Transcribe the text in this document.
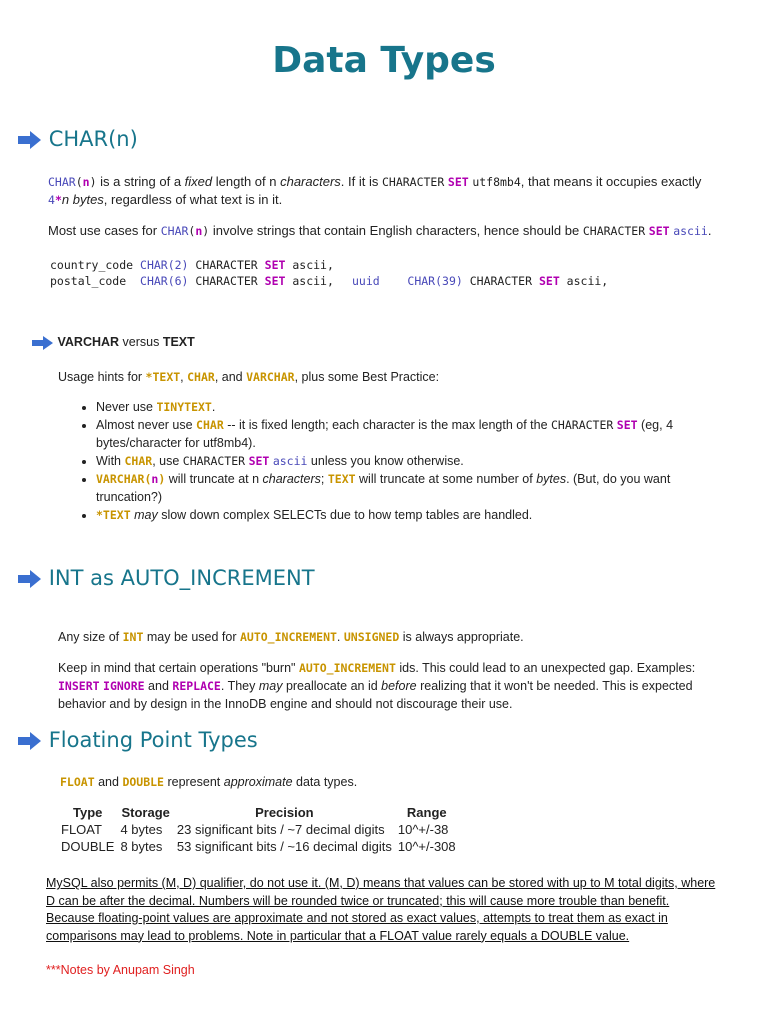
Data Types
CHAR(n)
CHAR(n) is a string of a fixed length of n characters. If it is CHARACTER SET utf8mb4, that means it occupies exactly
4*n bytes, regardless of what text is in it.
Most use cases for CHAR(n) involve strings that contain English characters, hence should be CHARACTER SET ascii.
country_code CHAR(2) CHARACTER SET ascii,
postal_code  CHAR(6) CHARACTER SET ascii, uuid CHAR(39) CHARACTER SET ascii,
VARCHAR versus TEXT
Usage hints for *TEXT, CHAR, and VARCHAR, plus some Best Practice:
• Never use TINYTEXT.
• Almost never use CHAR -- it is fixed length; each character is the max length of the CHARACTER SET (eg, 4 bytes/character for utf8mb4).
• With CHAR, use CHARACTER SET ascii unless you know otherwise.
• VARCHAR(n) will truncate at n characters; TEXT will truncate at some number of bytes. (But, do you want truncation?)
• *TEXT may slow down complex SELECTs due to how temp tables are handled.
INT as AUTO_INCREMENT
Any size of INT may be used for AUTO_INCREMENT. UNSIGNED is always appropriate.
Keep in mind that certain operations "burn" AUTO_INCREMENT ids. This could lead to an unexpected gap. Examples: INSERT IGNORE and REPLACE. They may preallocate an id before realizing that it won't be needed. This is expected behavior and by design in the InnoDB engine and should not discourage their use.
Floating Point Types
FLOAT and DOUBLE represent approximate data types.
Type	Storage	Precision	Range
FLOAT	4 bytes	23 significant bits / ~7 decimal digits	10^+/-38
DOUBLE	8 bytes	53 significant bits / ~16 decimal digits	10^+/-308
MySQL also permits (M, D) qualifier, do not use it. (M, D) means that values can be stored with up to M total digits, where D can be after the decimal. Numbers will be rounded twice or truncated; this will cause more trouble than benefit. Because floating-point values are approximate and not stored as exact values, attempts to treat them as exact in comparisons may lead to problems. Note in particular that a FLOAT value rarely equals a DOUBLE value.
***Notes by Anupam Singh
